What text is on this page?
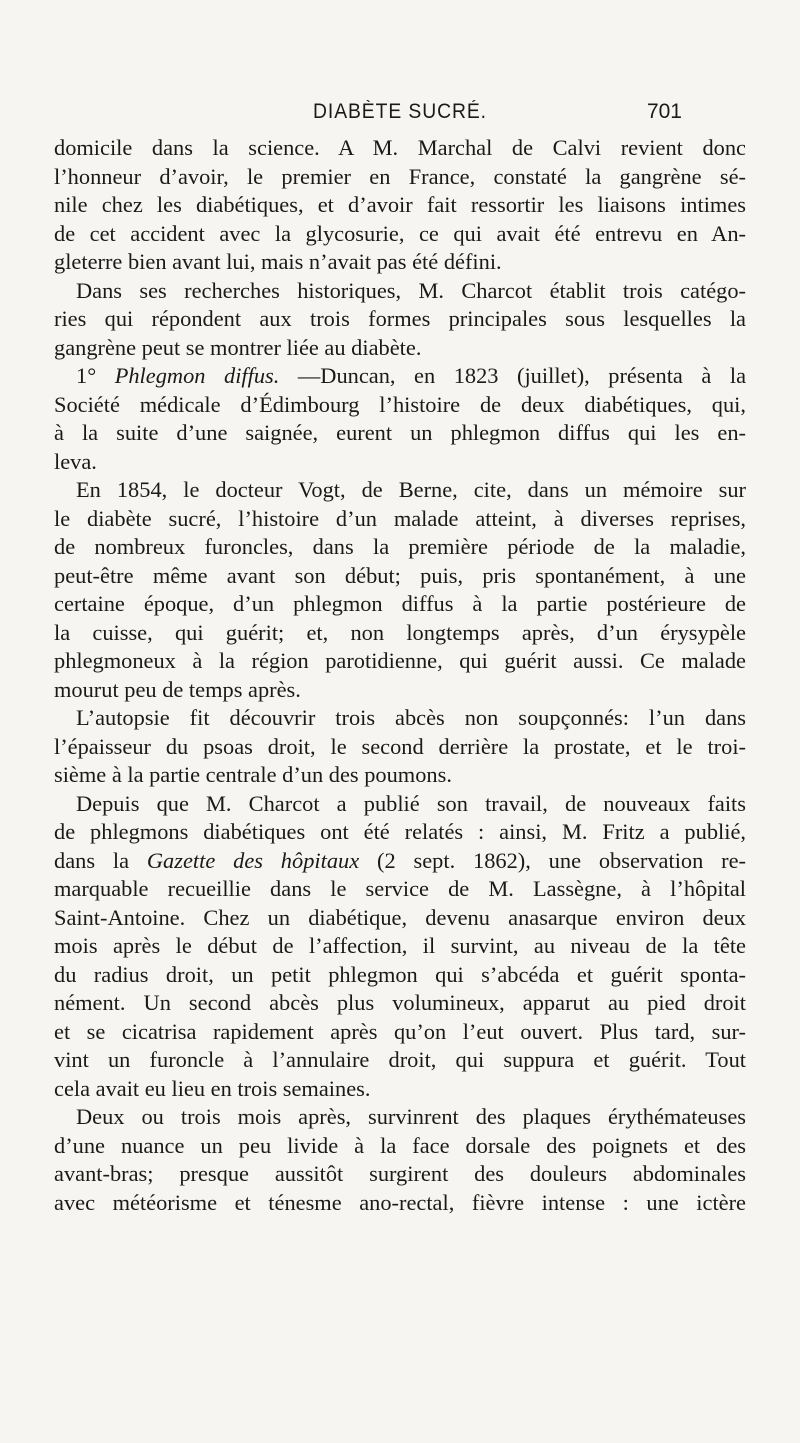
DIABÈTE SUCRÉ.	701
domicile dans la science. A M. Marchal de Calvi revient donc
l’honneur d’avoir, le premier en France, constaté la gangrène sé-
nile chez les diabétiques, et d’avoir fait ressortir les liaisons intimes
de cet accident avec la glycosurie, ce qui avait été entrevu en An-
gleterre bien avant lui, mais n’avait pas été défini.
Dans ses recherches historiques, M. Charcot établit trois catégo-
ries qui répondent aux trois formes principales sous lesquelles la
gangrène peut se montrer liée au diabète.
1° Phlegmon diffus. —Duncan, en 1823 (juillet), présenta à la
Société médicale d’Édimbourg l’histoire de deux diabétiques, qui,
à la suite d’une saignée, eurent un phlegmon diffus qui les en-
leva.
En 1854, le docteur Vogt, de Berne, cite, dans un mémoire sur
le diabète sucré, l’histoire d’un malade atteint, à diverses reprises,
de nombreux furoncles, dans la première période de la maladie,
peut-être même avant son début; puis, pris spontanément, à une
certaine époque, d’un phlegmon diffus à la partie postérieure de
la cuisse, qui guérit; et, non longtemps après, d’un érysypèle
phlegmoneux à la région parotidienne, qui guérit aussi. Ce malade
mourut peu de temps après.
L’autopsie fit découvrir trois abcès non soupçonnés: l’un dans
l’épaisseur du psoas droit, le second derrière la prostate, et le troi-
sième à la partie centrale d’un des poumons.
Depuis que M. Charcot a publié son travail, de nouveaux faits
de phlegmons diabétiques ont été relatés : ainsi, M. Fritz a publié,
dans la Gazette des hôpitaux (2 sept. 1862), une observation re-
marquable recueillie dans le service de M. Lassègne, à l’hôpital
Saint-Antoine. Chez un diabétique, devenu anasarque environ deux
mois après le début de l’affection, il survint, au niveau de la tête
du radius droit, un petit phlegmon qui s’abcéda et guérit sponta-
nément. Un second abcès plus volumineux, apparut au pied droit
et se cicatrisa rapidement après qu’on l’eut ouvert. Plus tard, sur-
vint un furoncle à l’annulaire droit, qui suppura et guérit. Tout
cela avait eu lieu en trois semaines.
Deux ou trois mois après, survinrent des plaques érythémateuses
d’une nuance un peu livide à la face dorsale des poignets et des
avant-bras; presque aussitôt surgirent des douleurs abdominales
avec météorisme et ténesme ano-rectal, fièvre intense : une ictère
